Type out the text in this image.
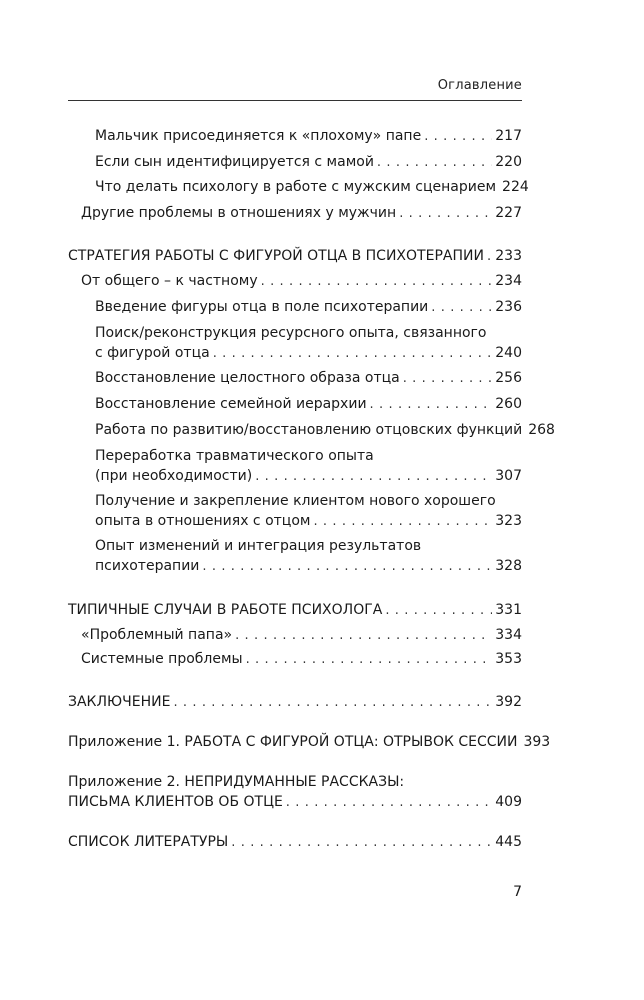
Оглавление
Мальчик присоединяется к «плохому» папе . . .	217
Если сын идентифицируется с мамой . . .	220
Что делать психологу в работе с мужским сценарием 224
Другие проблемы в отношениях у мужчин . . .	227
СТРАТЕГИЯ РАБОТЫ С ФИГУРОЙ ОТЦА В ПСИХОТЕРАПИИ . . . 233
От общего – к частному . . .	234
Введение фигуры отца в поле психотерапии . . .	236
Поиск/реконструкция ресурсного опыта, связанного
с фигурой отца . . .	240
Восстановление целостного образа отца . . .	256
Восстановление семейной иерархии . . .	260
Работа по развитию/восстановлению отцовских функций 268
Переработка травматического опыта
(при необходимости) . . .	307
Получение и закрепление клиентом нового хорошего
опыта в отношениях с отцом . . .	323
Опыт изменений и интеграция результатов
психотерапии . . .	328
ТИПИЧНЫЕ СЛУЧАИ В РАБОТЕ ПСИХОЛОГА . . .	331
«Проблемный папа» . . .	334
Системные проблемы . . .	353
ЗАКЛЮЧЕНИЕ . . .	392
Приложение 1. РАБОТА С ФИГУРОЙ ОТЦА: ОТРЫВОК СЕССИИ 393
Приложение 2. НЕПРИДУМАННЫЕ РАССКАЗЫ:
ПИСЬМА КЛИЕНТОВ ОБ ОТЦЕ . . .	409
СПИСОК ЛИТЕРАТУРЫ . . .	445
7
